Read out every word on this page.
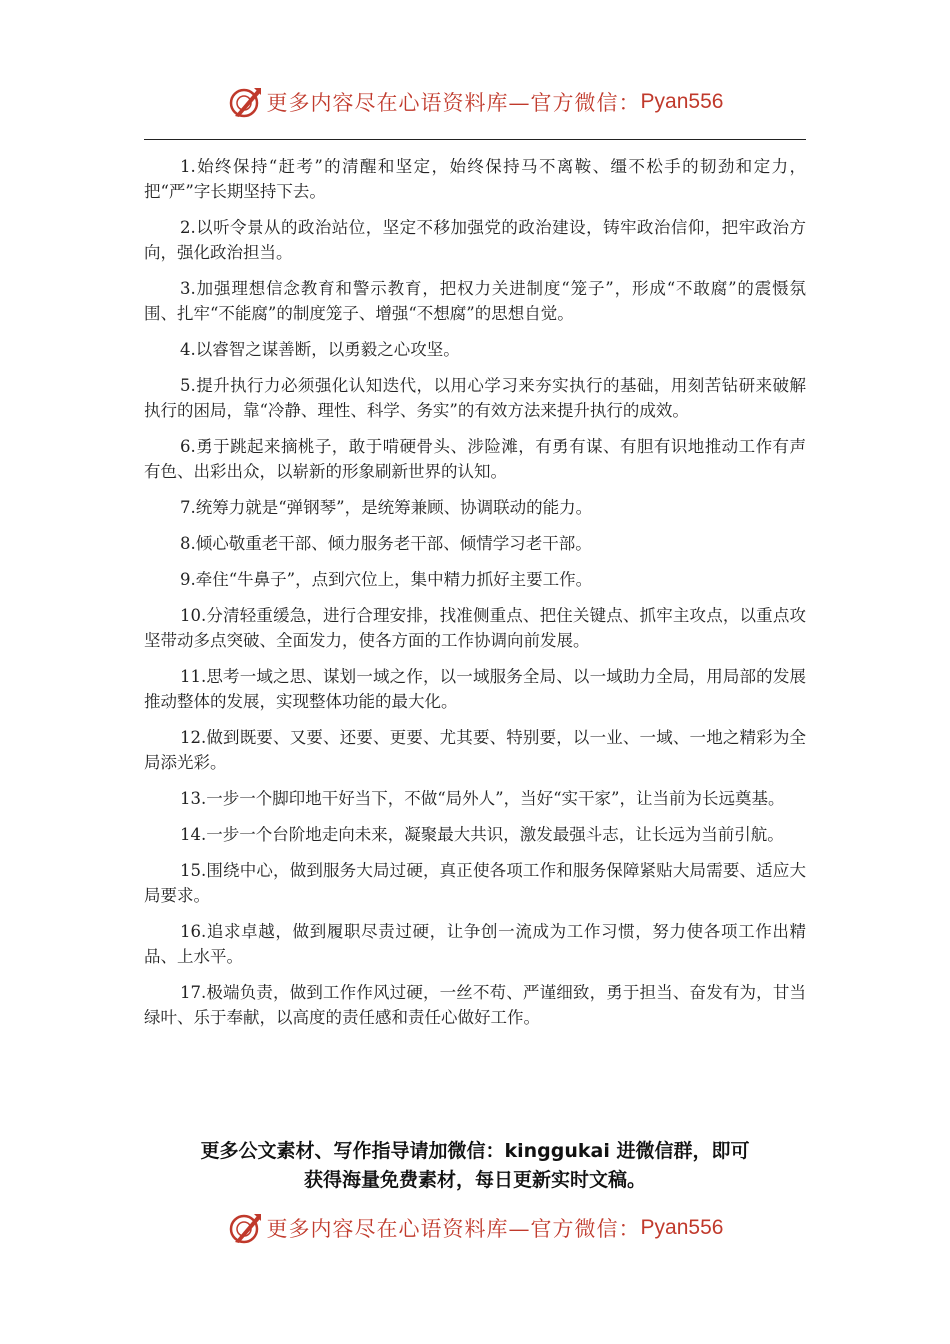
更多内容尽在心语资料库—官方微信： Pyan556

1.始终保持“赶考”的清醒和坚定，始终保持马不离鞍、缰不松手的韧劲和定力，把“严”字长期坚持下去。

2.以听令景从的政治站位，坚定不移加强党的政治建设，铸牢政治信仰，把牢政治方向，强化政治担当。

3.加强理想信念教育和警示教育，把权力关进制度“笼子”，形成“不敢腐”的震慑氛围、扎牢“不能腐”的制度笼子、增强“不想腐”的思想自觉。

4.以睿智之谋善断，以勇毅之心攻坚。

5.提升执行力必须强化认知迭代，以用心学习来夯实执行的基础，用刻苦钻研来破解执行的困局，靠“冷静、理性、科学、务实”的有效方法来提升执行的成效。

6.勇于跳起来摘桃子，敢于啃硬骨头、涉险滩，有勇有谋、有胆有识地推动工作有声有色、出彩出众，以崭新的形象刷新世界的认知。

7.统筹力就是“弹钢琴”，是统筹兼顾、协调联动的能力。

8.倾心敬重老干部、倾力服务老干部、倾情学习老干部。

9.牵住“牛鼻子”，点到穴位上，集中精力抓好主要工作。

10.分清轻重缓急，进行合理安排，找准侧重点、把住关键点、抓牢主攻点，以重点攻坚带动多点突破、全面发力，使各方面的工作协调向前发展。

11.思考一域之思、谋划一域之作，以一域服务全局、以一域助力全局，用局部的发展推动整体的发展，实现整体功能的最大化。

12.做到既要、又要、还要、更要、尤其要、特别要，以一业、一域、一地之精彩为全局添光彩。

13.一步一个脚印地干好当下，不做“局外人”，当好“实干家”，让当前为长远奠基。

14.一步一个台阶地走向未来，凝聚最大共识，激发最强斗志，让长远为当前引航。

15.围绕中心，做到服务大局过硬，真正使各项工作和服务保障紧贴大局需要、适应大局要求。

16.追求卓越，做到履职尽责过硬，让争创一流成为工作习惯，努力使各项工作出精品、上水平。

17.极端负责，做到工作作风过硬，一丝不苟、严谨细致，勇于担当、奋发有为，甘当绿叶、乐于奉献，以高度的责任感和责任心做好工作。

更多公文素材、写作指导请加微信：kinggukai 进微信群，即可
获得海量免费素材，每日更新实时文稿。
更多内容尽在心语资料库—官方微信： Pyan556
